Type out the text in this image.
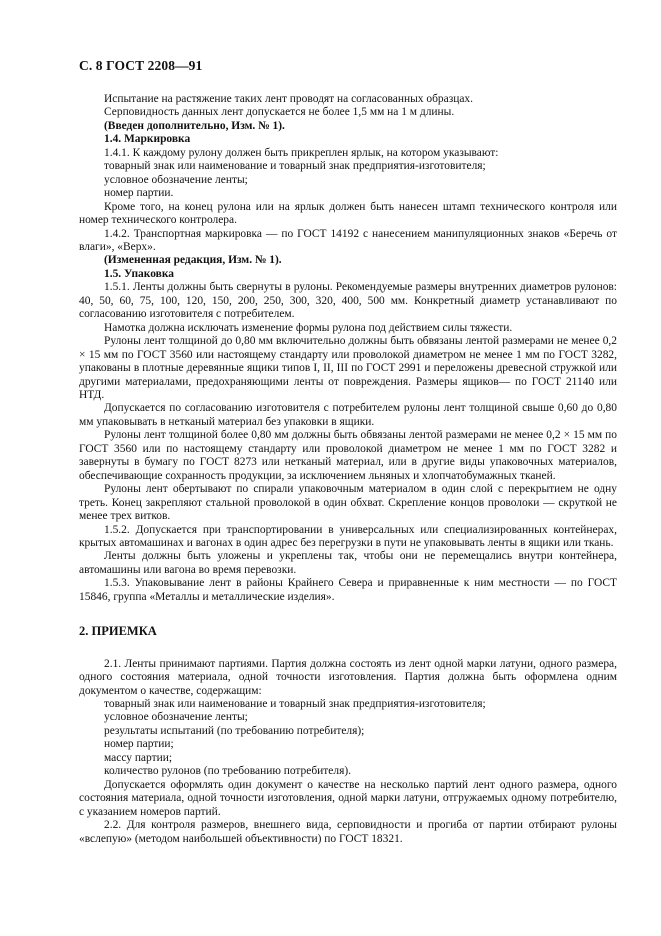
С. 8 ГОСТ 2208—91

Испытание на растяжение таких лент проводят на согласованных образцах.

Серповидность данных лент допускается не более 1,5 мм на 1 м длины.

(Введен дополнительно, Изм. № 1).

1.4. Маркировка

1.4.1. К каждому рулону должен быть прикреплен ярлык, на котором указывают:

товарный знак или наименование и товарный знак предприятия-изготовителя;

условное обозначение ленты;

номер партии.

Кроме того, на конец рулона или на ярлык должен быть нанесен штамп технического контроля или номер технического контролера.

1.4.2. Транспортная маркировка — по ГОСТ 14192 с нанесением манипуляционных знаков «Беречь от влаги», «Верх».

(Измененная редакция, Изм. № 1).

1.5. Упаковка

1.5.1. Ленты должны быть свернуты в рулоны. Рекомендуемые размеры внутренних диаметров рулонов: 40, 50, 60, 75, 100, 120, 150, 200, 250, 300, 320, 400, 500 мм. Конкретный диаметр устанавливают по согласованию изготовителя с потребителем.

Намотка должна исключать изменение формы рулона под действием силы тяжести.

Рулоны лент толщиной до 0,80 мм включительно должны быть обвязаны лентой размерами не менее 0,2 × 15 мм по ГОСТ 3560 или настоящему стандарту или проволокой диаметром не менее 1 мм по ГОСТ 3282, упакованы в плотные деревянные ящики типов I, II, III по ГОСТ 2991 и переложены древесной стружкой или другими материалами, предохраняющими ленты от повреждения. Размеры ящиков— по ГОСТ 21140 или НТД.

Допускается по согласованию изготовителя с потребителем рулоны лент толщиной свыше 0,60 до 0,80 мм упаковывать в нетканый материал без упаковки в ящики.

Рулоны лент толщиной более 0,80 мм должны быть обвязаны лентой размерами не менее 0,2 × 15 мм по ГОСТ 3560 или по настоящему стандарту или проволокой диаметром не менее 1 мм по ГОСТ 3282 и завернуты в бумагу по ГОСТ 8273 или нетканый материал, или в другие виды упаковочных материалов, обеспечивающие сохранность продукции, за исключением льняных и хлопчатобумажных тканей.

Рулоны лент обертывают по спирали упаковочным материалом в один слой с перекрытием не одну треть. Конец закрепляют стальной проволокой в один обхват. Скрепление концов проволоки — скруткой не менее трех витков.

1.5.2. Допускается при транспортировании в универсальных или специализированных контейнерах, крытых автомашинах и вагонах в один адрес без перегрузки в пути не упаковывать ленты в ящики или ткань.

Ленты должны быть уложены и укреплены так, чтобы они не перемещались внутри контейнера, автомашины или вагона во время перевозки.

1.5.3. Упаковывание лент в районы Крайнего Севера и приравненные к ним местности — по ГОСТ 15846, группа «Металлы и металлические изделия».

2. ПРИЕМКА

2.1. Ленты принимают партиями. Партия должна состоять из лент одной марки латуни, одного размера, одного состояния материала, одной точности изготовления. Партия должна быть оформлена одним документом о качестве, содержащим:

товарный знак или наименование и товарный знак предприятия-изготовителя;

условное обозначение ленты;

результаты испытаний (по требованию потребителя);

номер партии;

массу партии;

количество рулонов (по требованию потребителя).

Допускается оформлять один документ о качестве на несколько партий лент одного размера, одного состояния материала, одной точности изготовления, одной марки латуни, отгружаемых одному потребителю, с указанием номеров партий.

2.2. Для контроля размеров, внешнего вида, серповидности и прогиба от партии отбирают рулоны «вслепую» (методом наибольшей объективности) по ГОСТ 18321.
